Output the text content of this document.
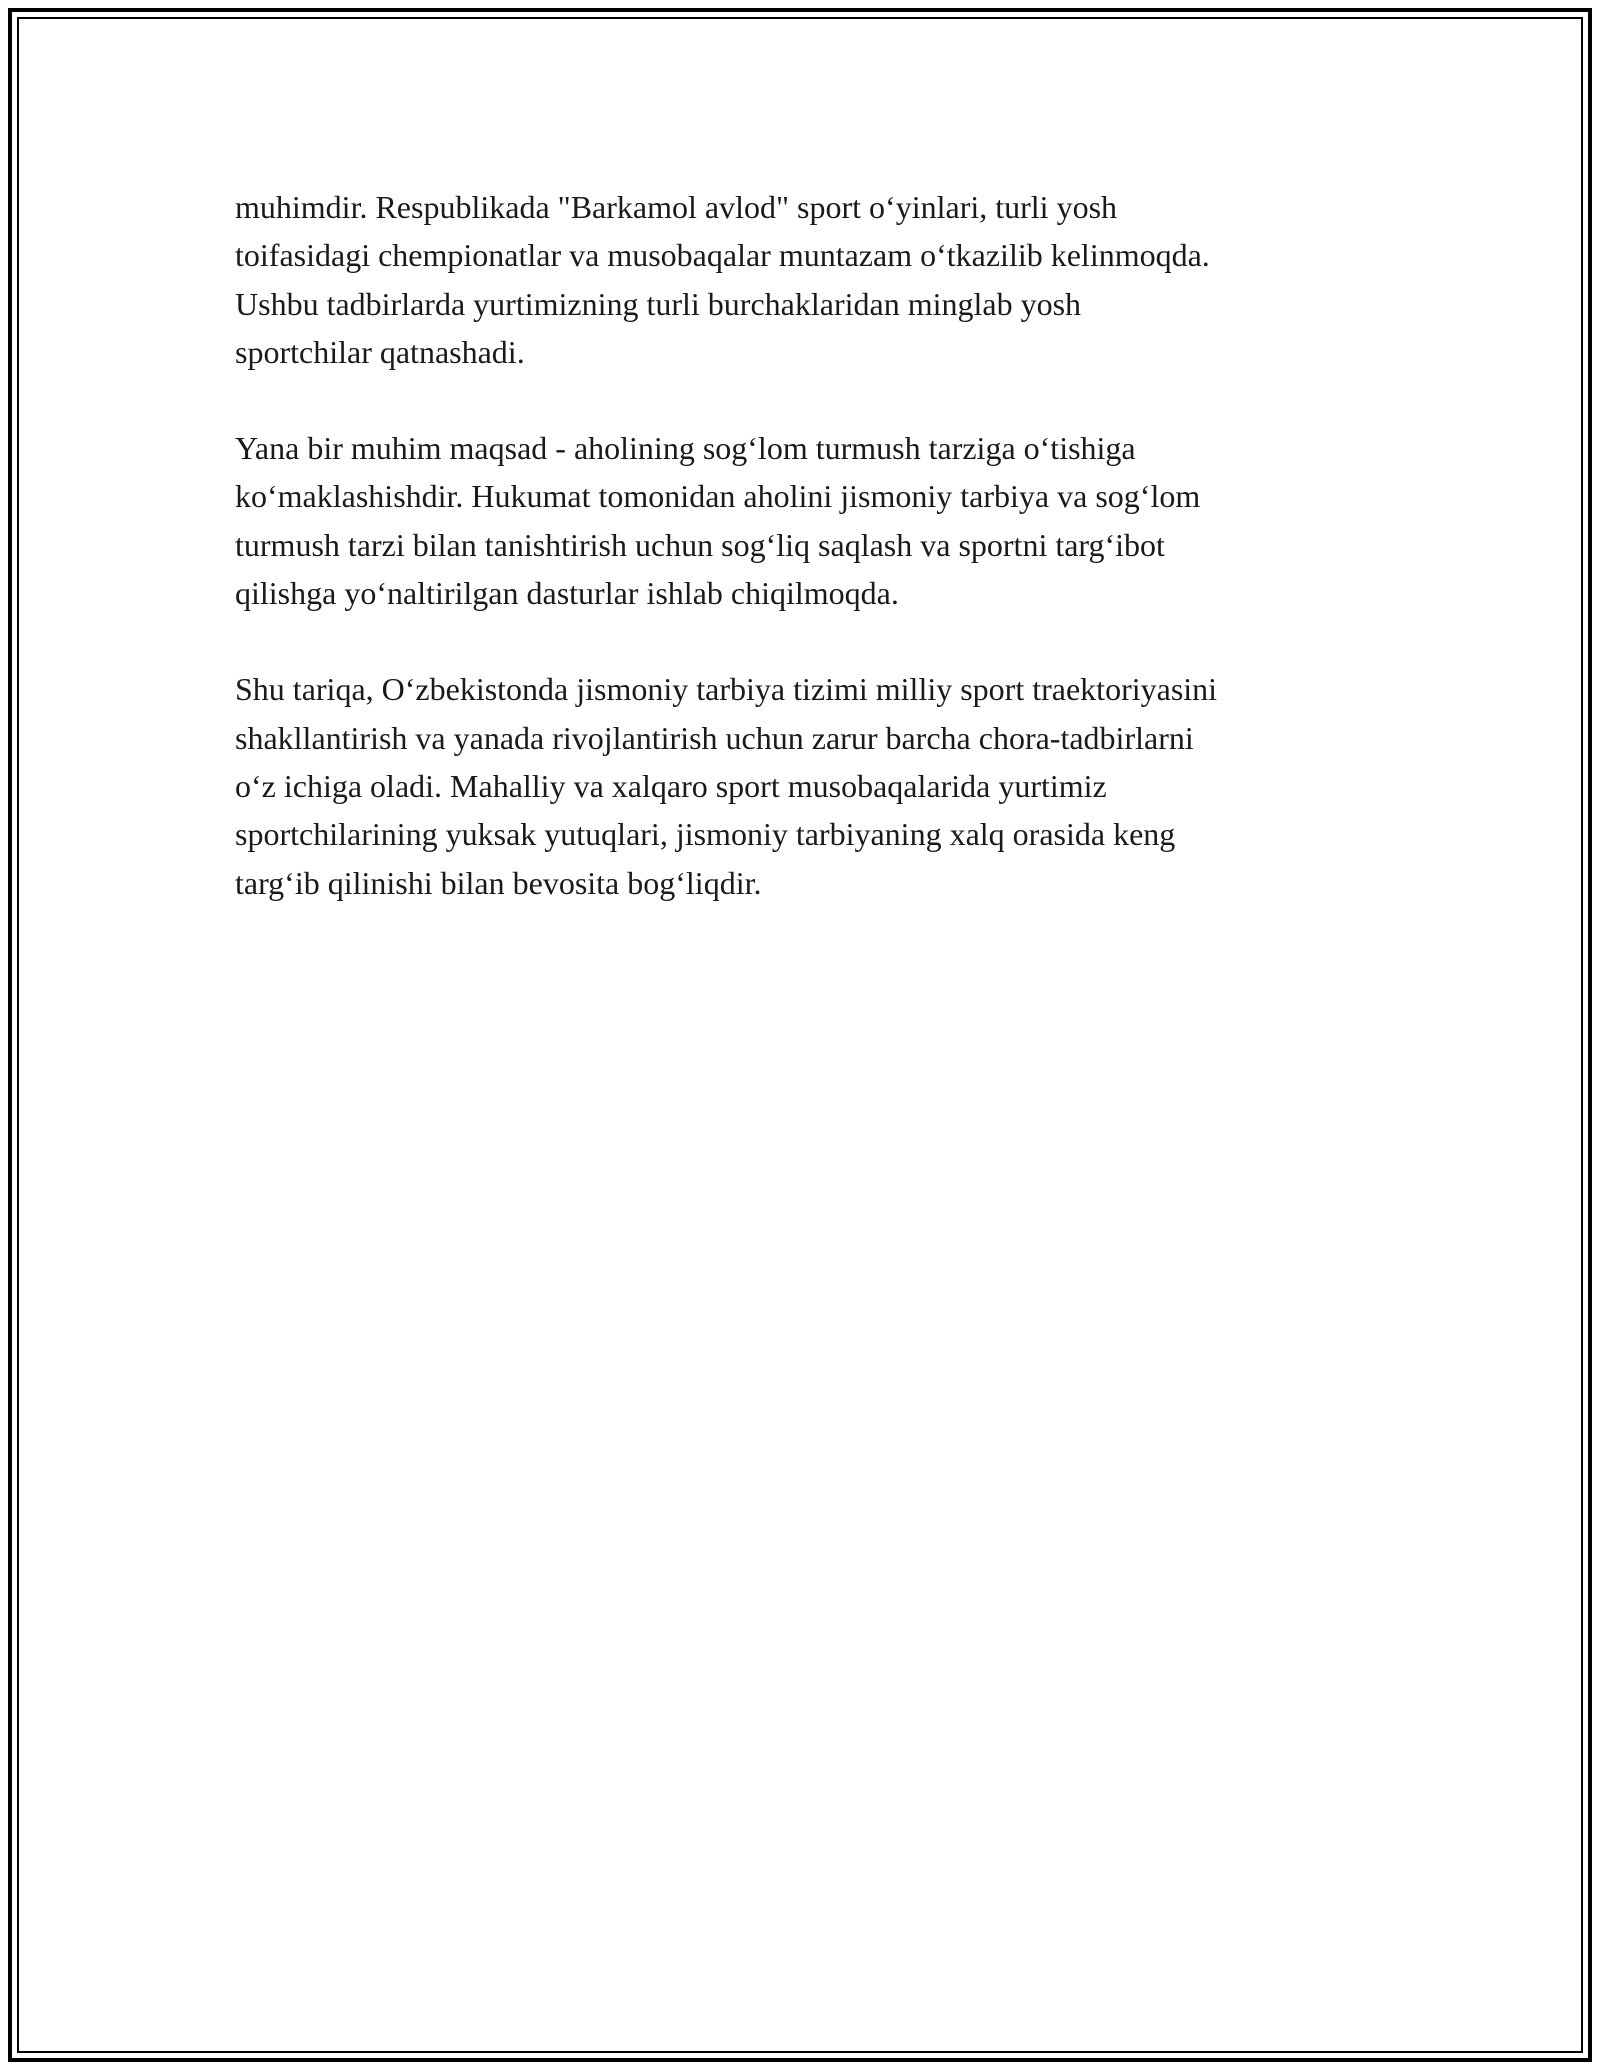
muhimdir. Respublikada "Barkamol avlod" sport o‘yinlari, turli yosh
toifasidagi chempionatlar va musobaqalar muntazam o‘tkazilib kelinmoqda.
Ushbu tadbirlarda yurtimizning turli burchaklaridan minglab yosh
sportchilar qatnashadi.

Yana bir muhim maqsad - aholining sog‘lom turmush tarziga o‘tishiga
ko‘maklashishdir. Hukumat tomonidan aholini jismoniy tarbiya va sog‘lom
turmush tarzi bilan tanishtirish uchun sog‘liq saqlash va sportni targ‘ibot
qilishga yo‘naltirilgan dasturlar ishlab chiqilmoqda.

Shu tariqa, O‘zbekistonda jismoniy tarbiya tizimi milliy sport traektoriyasini
shakllantirish va yanada rivojlantirish uchun zarur barcha chora-tadbirlarni
o‘z ichiga oladi. Mahalliy va xalqaro sport musobaqalarida yurtimiz
sportchilarining yuksak yutuqlari, jismoniy tarbiyaning xalq orasida keng
targ‘ib qilinishi bilan bevosita bog‘liqdir.
